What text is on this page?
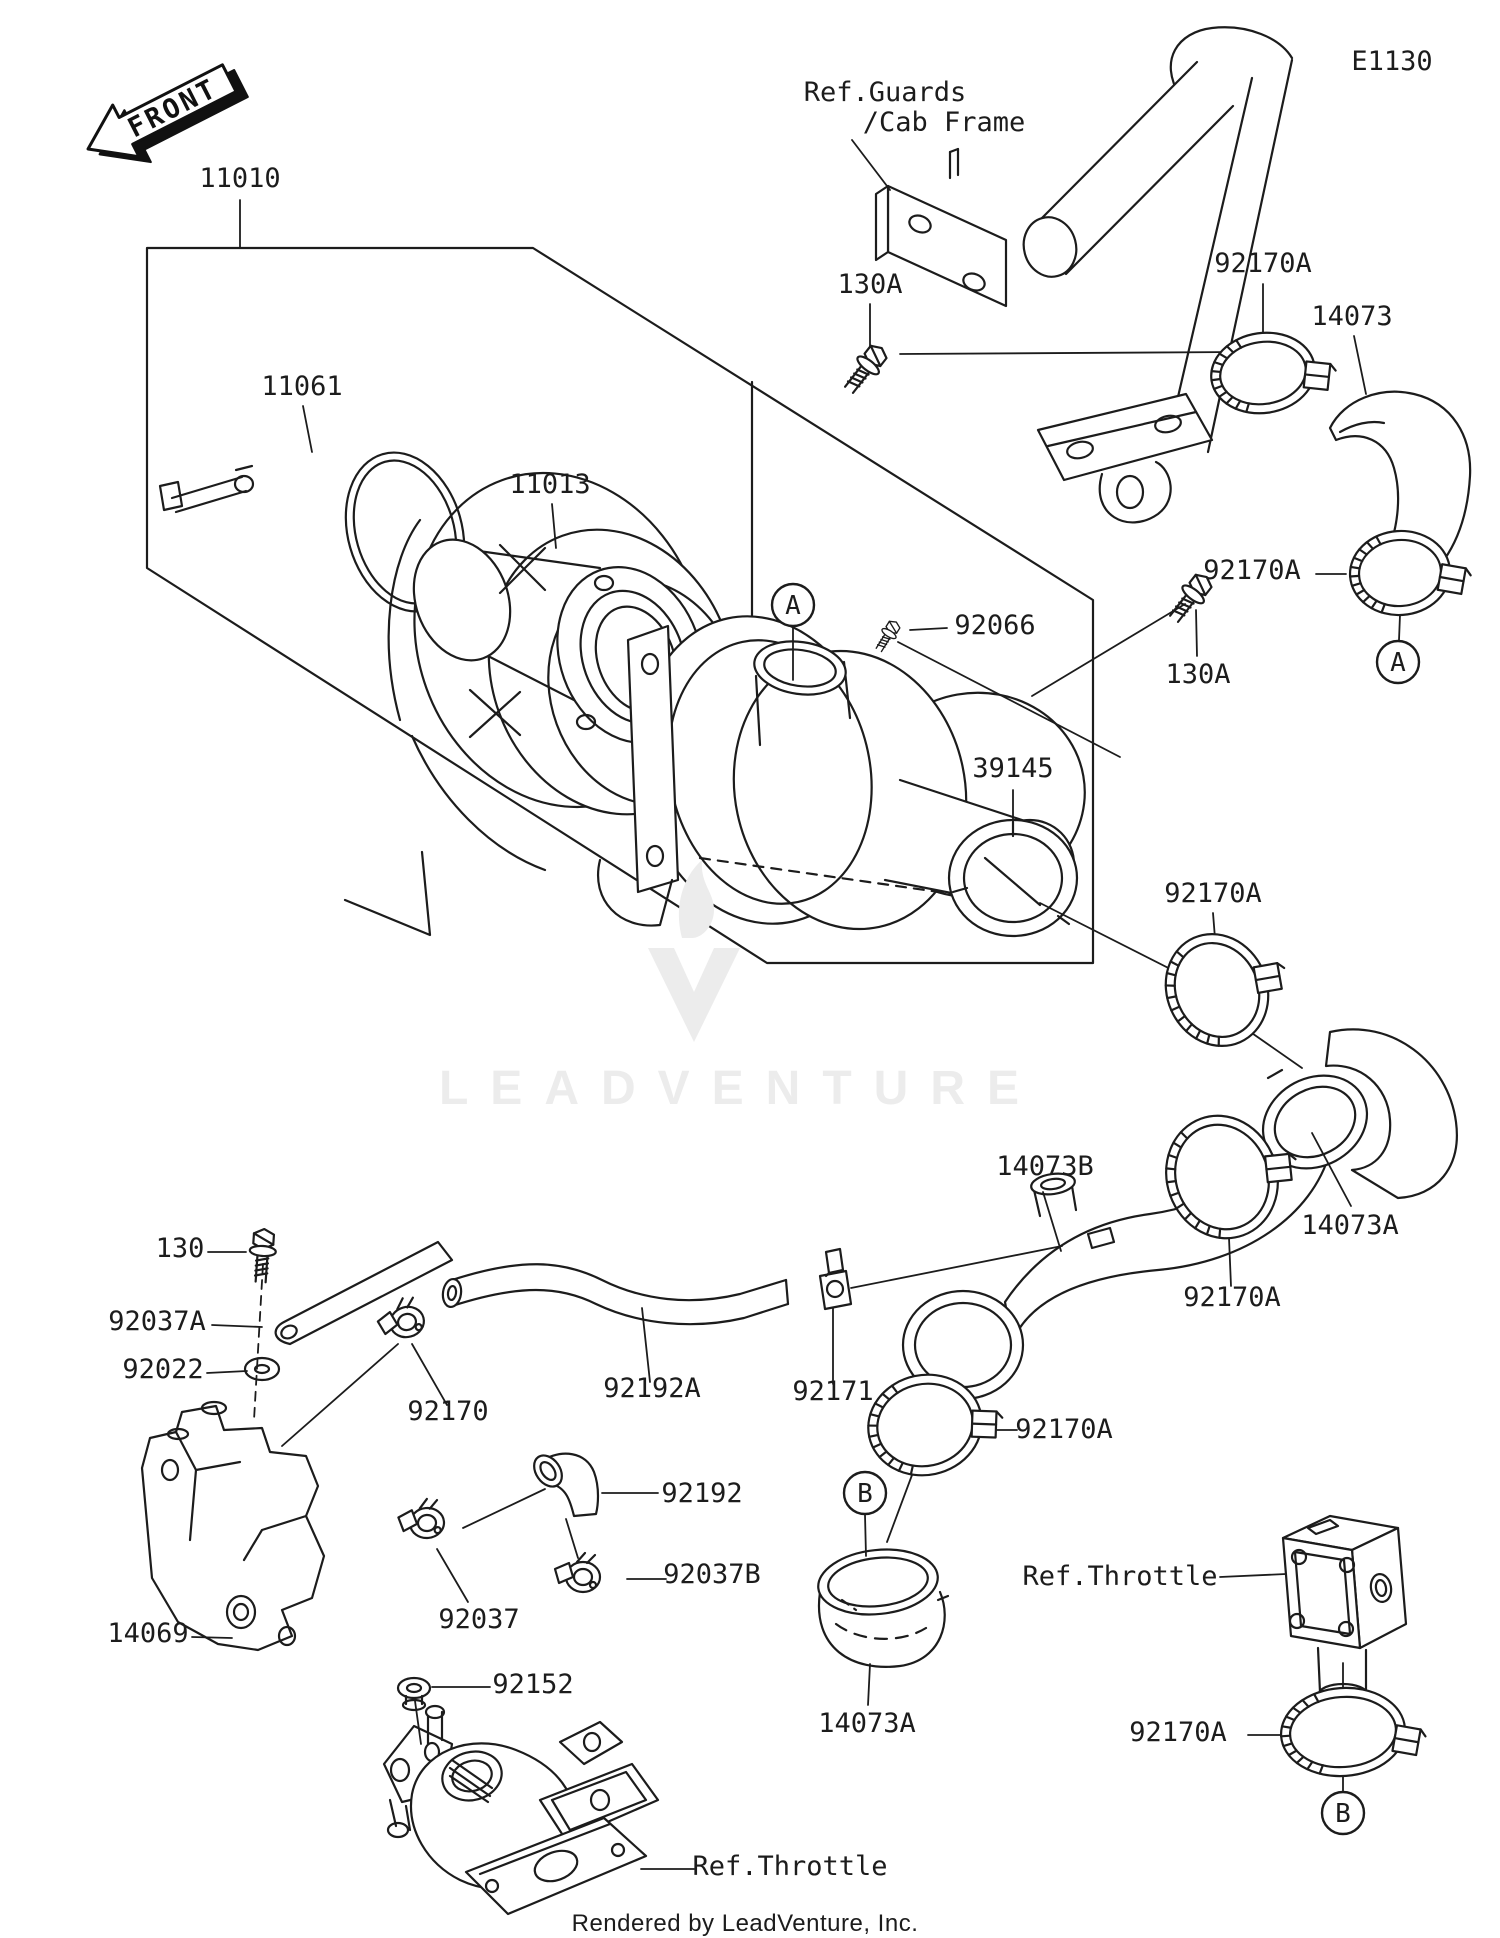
FRONT
LEADVENTURE
E1130
Rendered by LeadVenture, Inc.
11010
Ref.Guards
/Cab Frame
130A
92170A
14073
11061
11013
92066
130A
92170A
39145
92170A
14073B
14073A
92170A
130
92037A
92022
92170
92192A	92171
92170A
14069	92037
92152
92192
92037B	Ref.Throttle
92170A
14073A
Ref.Throttle
A
A
B
B
